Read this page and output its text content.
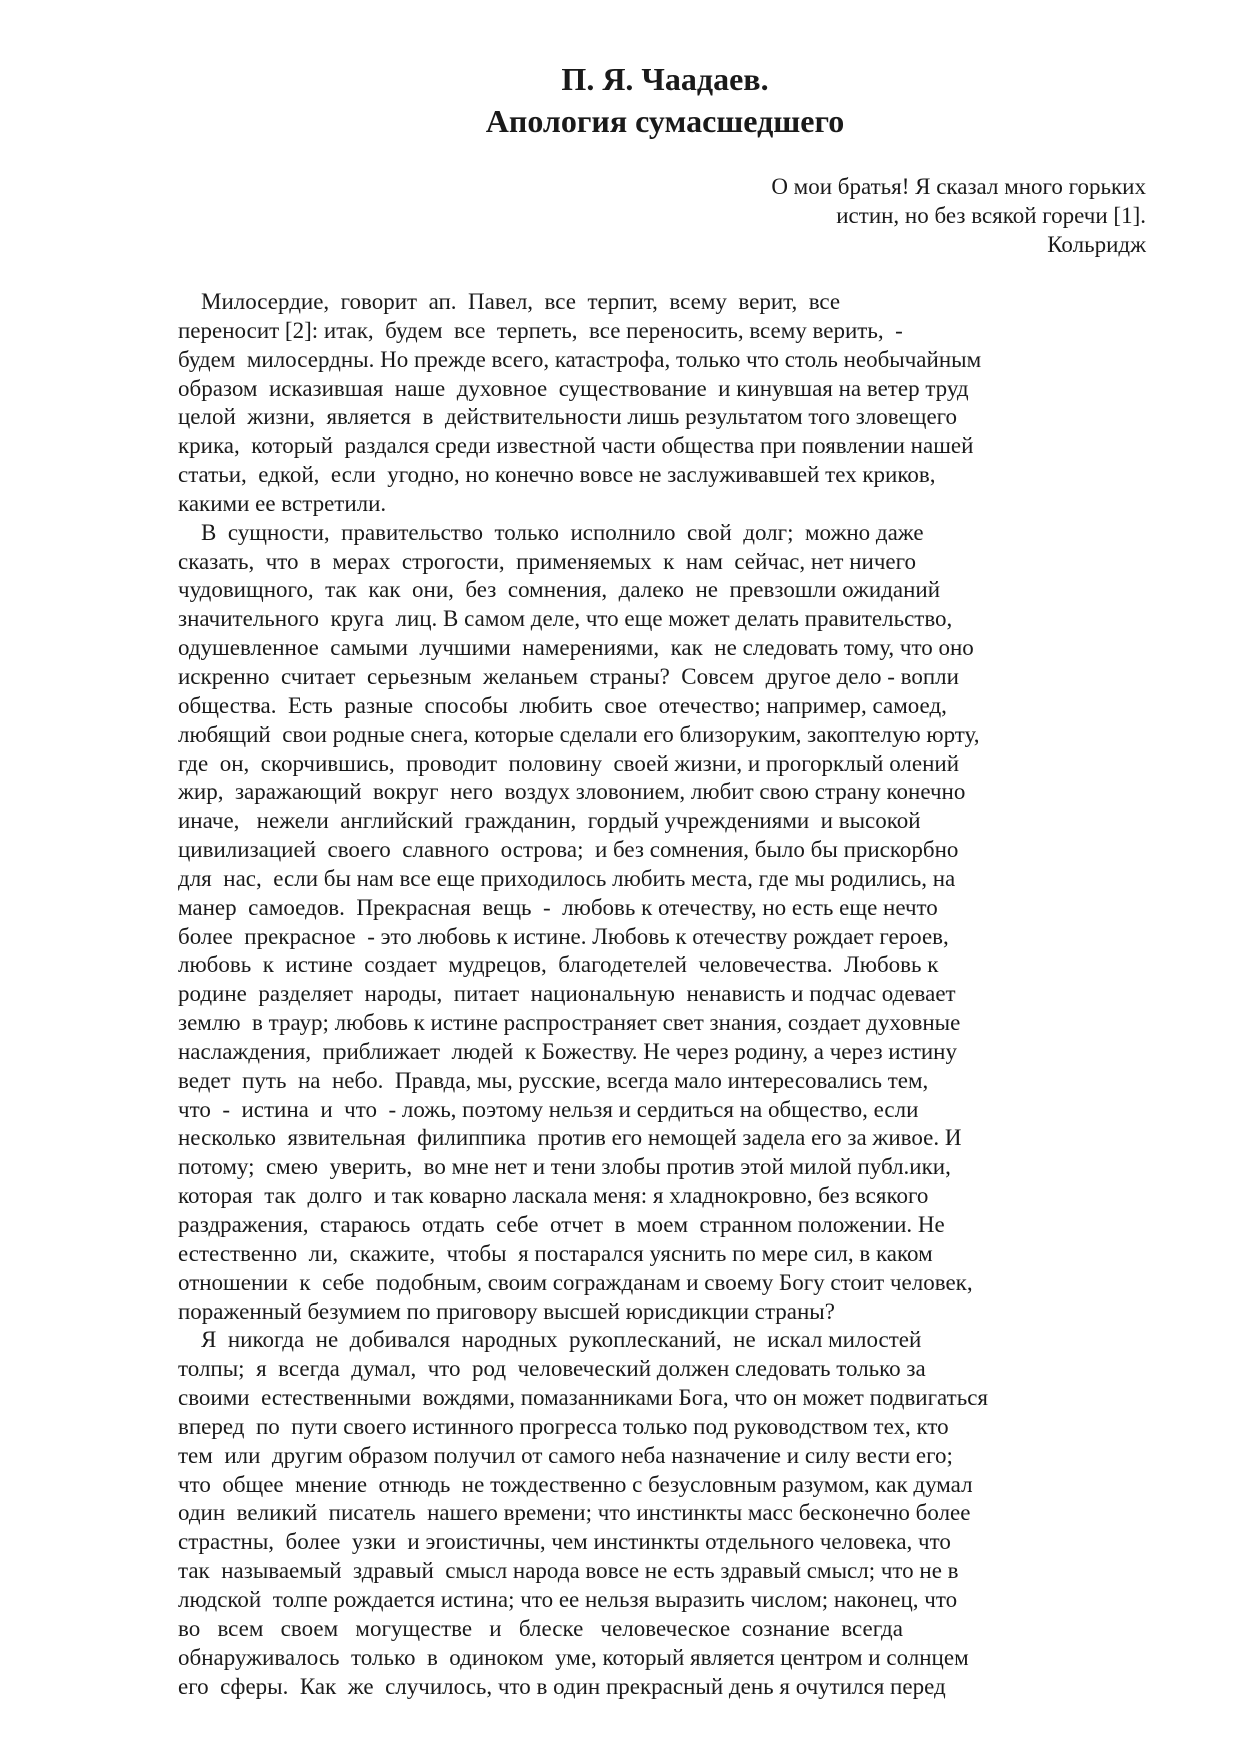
П. Я. Чаадаев.
Апология сумасшедшего
О мои братья! Я сказал много горьких
истин, но без всякой горечи [1].
Кольридж
Милосердие,  говорит  ап.  Павел,  все  терпит,  всему  верит,  все
переносит [2]: итак,  будем  все  терпеть,  все переносить, всему верить,  -
будем  милосердны. Но прежде всего, катастрофа, только что столь необычайным
образом  исказившая  наше  духовное  существование  и кинувшая на ветер труд
целой  жизни,  является  в  действительности лишь результатом того зловещего
крика,  который  раздался среди известной части общества при появлении нашей
статьи,  едкой,  если  угодно, но конечно вовсе не заслуживавшей тех криков,
какими ее встретили.
В  сущности,  правительство  только  исполнило  свой  долг;  можно даже
сказать,  что  в  мерах  строгости,  применяемых  к  нам  сейчас, нет ничего
чудовищного,  так  как  они,  без  сомнения,  далеко  не  превзошли ожиданий
значительного  круга  лиц. В самом деле, что еще может делать правительство,
одушевленное  самыми  лучшими  намерениями,  как  не следовать тому, что оно
искренно  считает  серьезным  желаньем  страны?  Совсем  другое дело - вопли
общества.  Есть  разные  способы  любить  свое  отечество; например, самоед,
любящий  свои родные снега, которые сделали его близоруким, закоптелую юрту,
где  он,  скорчившись,  проводит  половину  своей жизни, и прогорклый олений
жир,  заражающий  вокруг  него  воздух зловонием, любит свою страну конечно
иначе,   нежели  английский  гражданин,  гордый учреждениями  и высокой
цивилизацией  своего  славного  острова;  и без сомнения, было бы прискорбно
для  нас,  если бы нам все еще приходилось любить места, где мы родились, на
манер  самоедов.  Прекрасная  вещь  -  любовь к отечеству, но есть еще нечто
более  прекрасное  - это любовь к истине. Любовь к отечеству рождает героев,
любовь  к  истине  создает  мудрецов,  благодетелей  человечества.  Любовь к
родине  разделяет  народы,  питает  национальную  ненависть и подчас одевает
землю  в траур; любовь к истине распространяет свет знания, создает духовные
наслаждения,  приближает  людей  к Божеству. Не через родину, а через истину
ведет  путь  на  небо.  Правда, мы, русские, всегда мало интересовались тем,
что  -  истина  и  что  - ложь, поэтому нельзя и сердиться на общество, если
несколько  язвительная  филиппика  против его немощей задела его за живое. И
потому;  смею  уверить,  во мне нет и тени злобы против этой милой публ.ики,
которая  так  долго  и так коварно ласкала меня: я хладнокровно, без всякого
раздражения,  стараюсь  отдать  себе  отчет  в  моем  странном положении. Не
естественно  ли,  скажите,  чтобы  я постарался уяснить по мере сил, в каком
отношении  к  себе  подобным, своим согражданам и своему Богу стоит человек,
пораженный безумием по приговору высшей юрисдикции страны?
Я  никогда  не  добивался  народных  рукоплесканий,  не  искал милостей
толпы;  я  всегда  думал,  что  род  человеческий должен следовать только за
своими  естественными  вождями, помазанниками Бога, что он может подвигаться
вперед  по  пути своего истинного прогресса только под руководством тех, кто
тем  или  другим образом получил от самого неба назначение и силу вести его;
что  общее  мнение  отнюдь  не тождественно с безусловным разумом, как думал
один  великий  писатель  нашего времени; что инстинкты масс бесконечно более
страстны,  более  узки  и эгоистичны, чем инстинкты отдельного человека, что
так  называемый  здравый  смысл народа вовсе не есть здравый смысл; что не в
людской  толпе рождается истина; что ее нельзя выразить числом; наконец, что
во   всем   своем   могуществе   и   блеске   человеческое  сознание  всегда
обнаруживалось  только  в  одиноком  уме, который является центром и солнцем
его  сферы.  Как  же  случилось, что в один прекрасный день я очутился перед
